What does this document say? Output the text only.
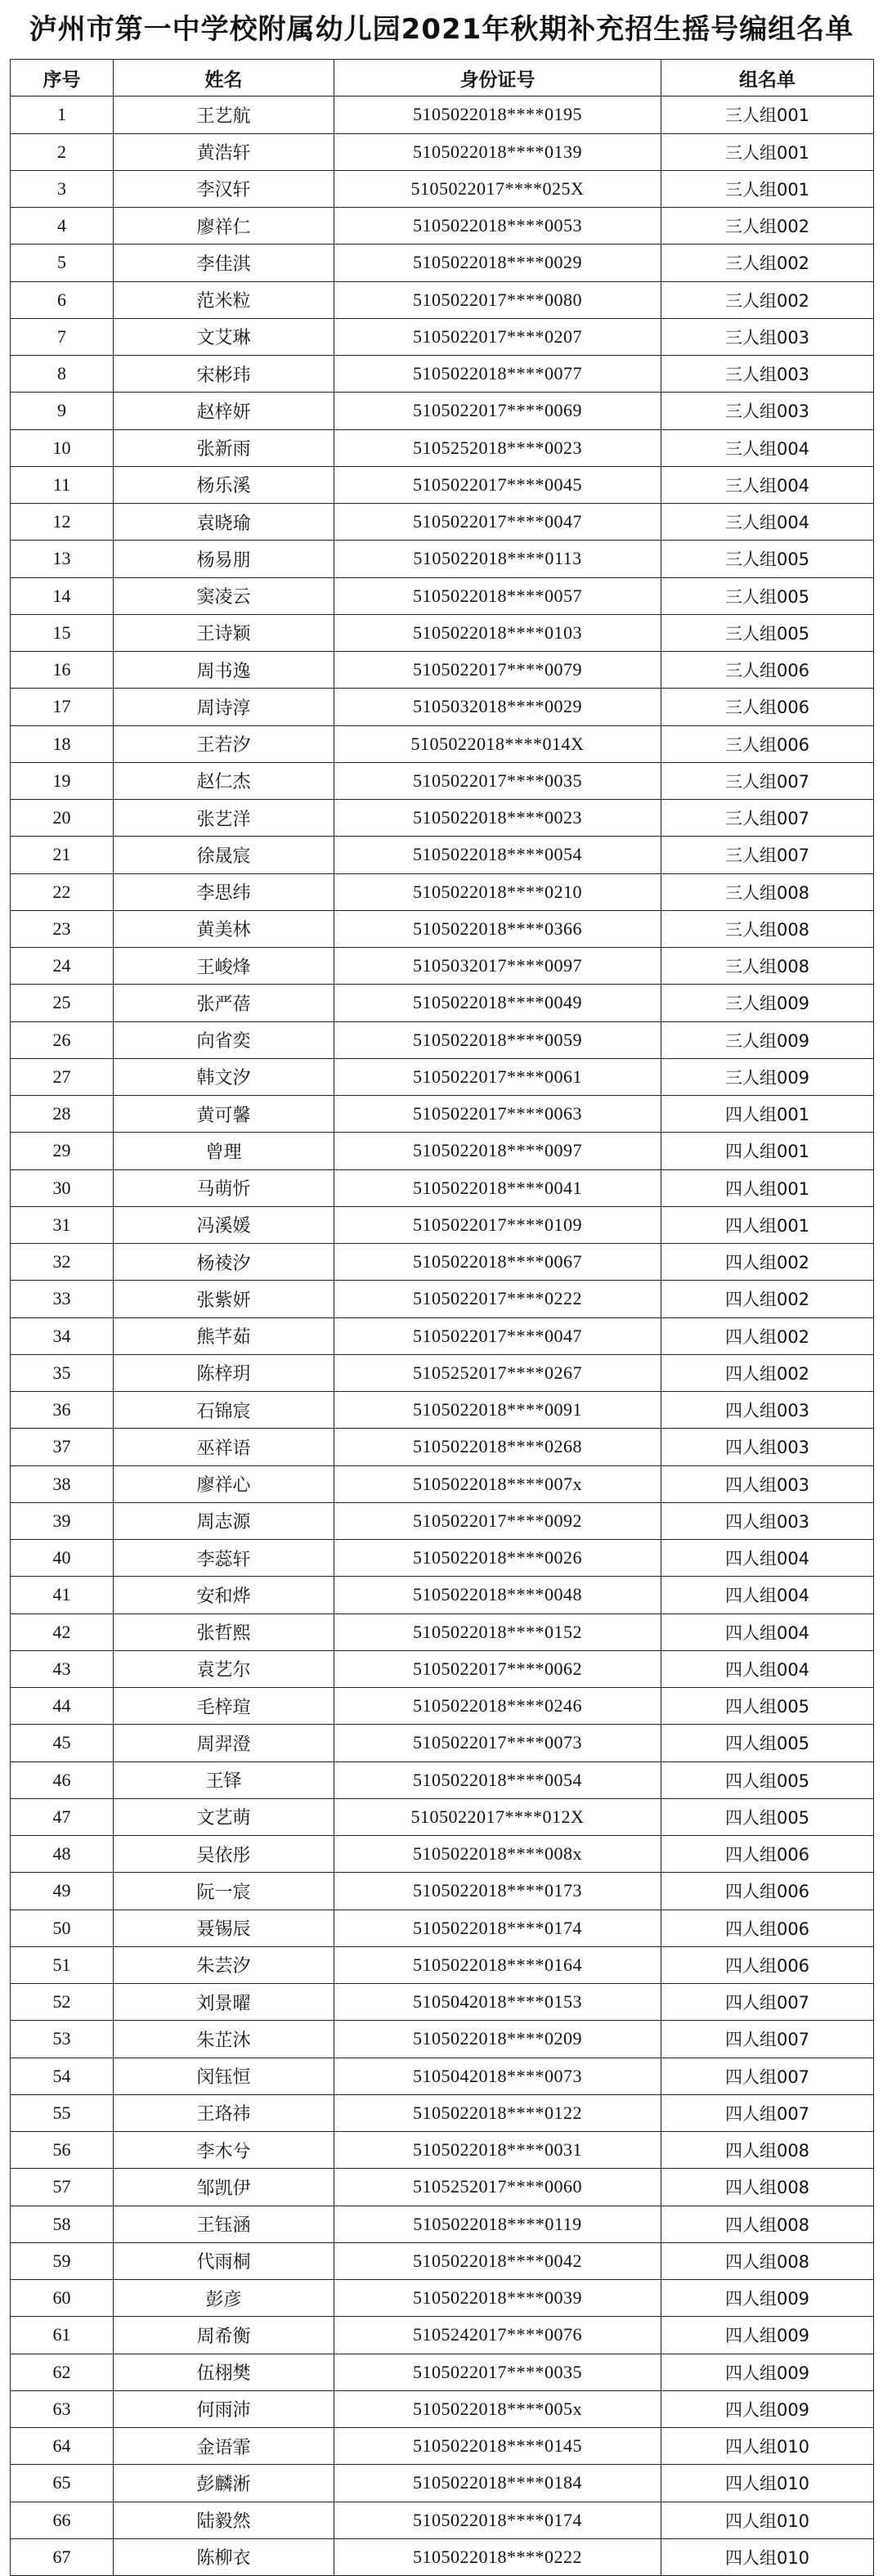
泸州市第一中学校附属幼儿园2021年秋期补充招生摇号编组名单
序号	姓名	身份证号	组名单
1	王艺航	5105022018****0195	三人组001
2	黄浩轩	5105022018****0139	三人组001
3	李汉轩	5105022017****025X	三人组001
4	廖祥仁	5105022018****0053	三人组002
5	李佳淇	5105022018****0029	三人组002
6	范米粒	5105022017****0080	三人组002
7	文艾琳	5105022017****0207	三人组003
8	宋彬玮	5105022018****0077	三人组003
9	赵梓妍	5105022017****0069	三人组003
10	张新雨	5105252018****0023	三人组004
11	杨乐溪	5105022017****0045	三人组004
12	袁晓瑜	5105022017****0047	三人组004
13	杨易朋	5105022018****0113	三人组005
14	窦凌云	5105022018****0057	三人组005
15	王诗颖	5105022018****0103	三人组005
16	周书逸	5105022017****0079	三人组006
17	周诗淳	5105032018****0029	三人组006
18	王若汐	5105022018****014X	三人组006
19	赵仁杰	5105022017****0035	三人组007
20	张艺洋	5105022018****0023	三人组007
21	徐晟宸	5105022018****0054	三人组007
22	李思纬	5105022018****0210	三人组008
23	黄美林	5105022018****0366	三人组008
24	王峻烽	5105032017****0097	三人组008
25	张严蓓	5105022018****0049	三人组009
26	向省奕	5105022018****0059	三人组009
27	韩文汐	5105022017****0061	三人组009
28	黄可馨	5105022017****0063	四人组001
29	曾理	5105022018****0097	四人组001
30	马萌忻	5105022018****0041	四人组001
31	冯溪媛	5105022017****0109	四人组001
32	杨祾汐	5105022018****0067	四人组002
33	张紫妍	5105022017****0222	四人组002
34	熊芊茹	5105022017****0047	四人组002
35	陈梓玥	5105252017****0267	四人组002
36	石锦宸	5105022018****0091	四人组003
37	巫祥语	5105022018****0268	四人组003
38	廖祥心	5105022018****007x	四人组003
39	周志源	5105022017****0092	四人组003
40	李蕊轩	5105022018****0026	四人组004
41	安和烨	5105022018****0048	四人组004
42	张哲熙	5105022018****0152	四人组004
43	袁艺尔	5105022017****0062	四人组004
44	毛梓瑄	5105022018****0246	四人组005
45	周羿澄	5105022017****0073	四人组005
46	王铎	5105022018****0054	四人组005
47	文艺萌	5105022017****012X	四人组005
48	吴依彤	5105022018****008x	四人组006
49	阮一宸	5105022018****0173	四人组006
50	聂锡辰	5105022018****0174	四人组006
51	朱芸汐	5105022018****0164	四人组006
52	刘景曜	5105042018****0153	四人组007
53	朱芷沐	5105022018****0209	四人组007
54	闵钰恒	5105042018****0073	四人组007
55	王珞祎	5105022018****0122	四人组007
56	李木兮	5105022018****0031	四人组008
57	邹凯伊	5105252017****0060	四人组008
58	王钰涵	5105022018****0119	四人组008
59	代雨桐	5105022018****0042	四人组008
60	彭彦	5105022018****0039	四人组009
61	周希衡	5105242017****0076	四人组009
62	伍栩樊	5105022017****0035	四人组009
63	何雨沛	5105022018****005x	四人组009
64	金语霏	5105022018****0145	四人组010
65	彭麟淅	5105022018****0184	四人组010
66	陆毅然	5105022018****0174	四人组010
67	陈柳衣	5105022018****0222	四人组010
